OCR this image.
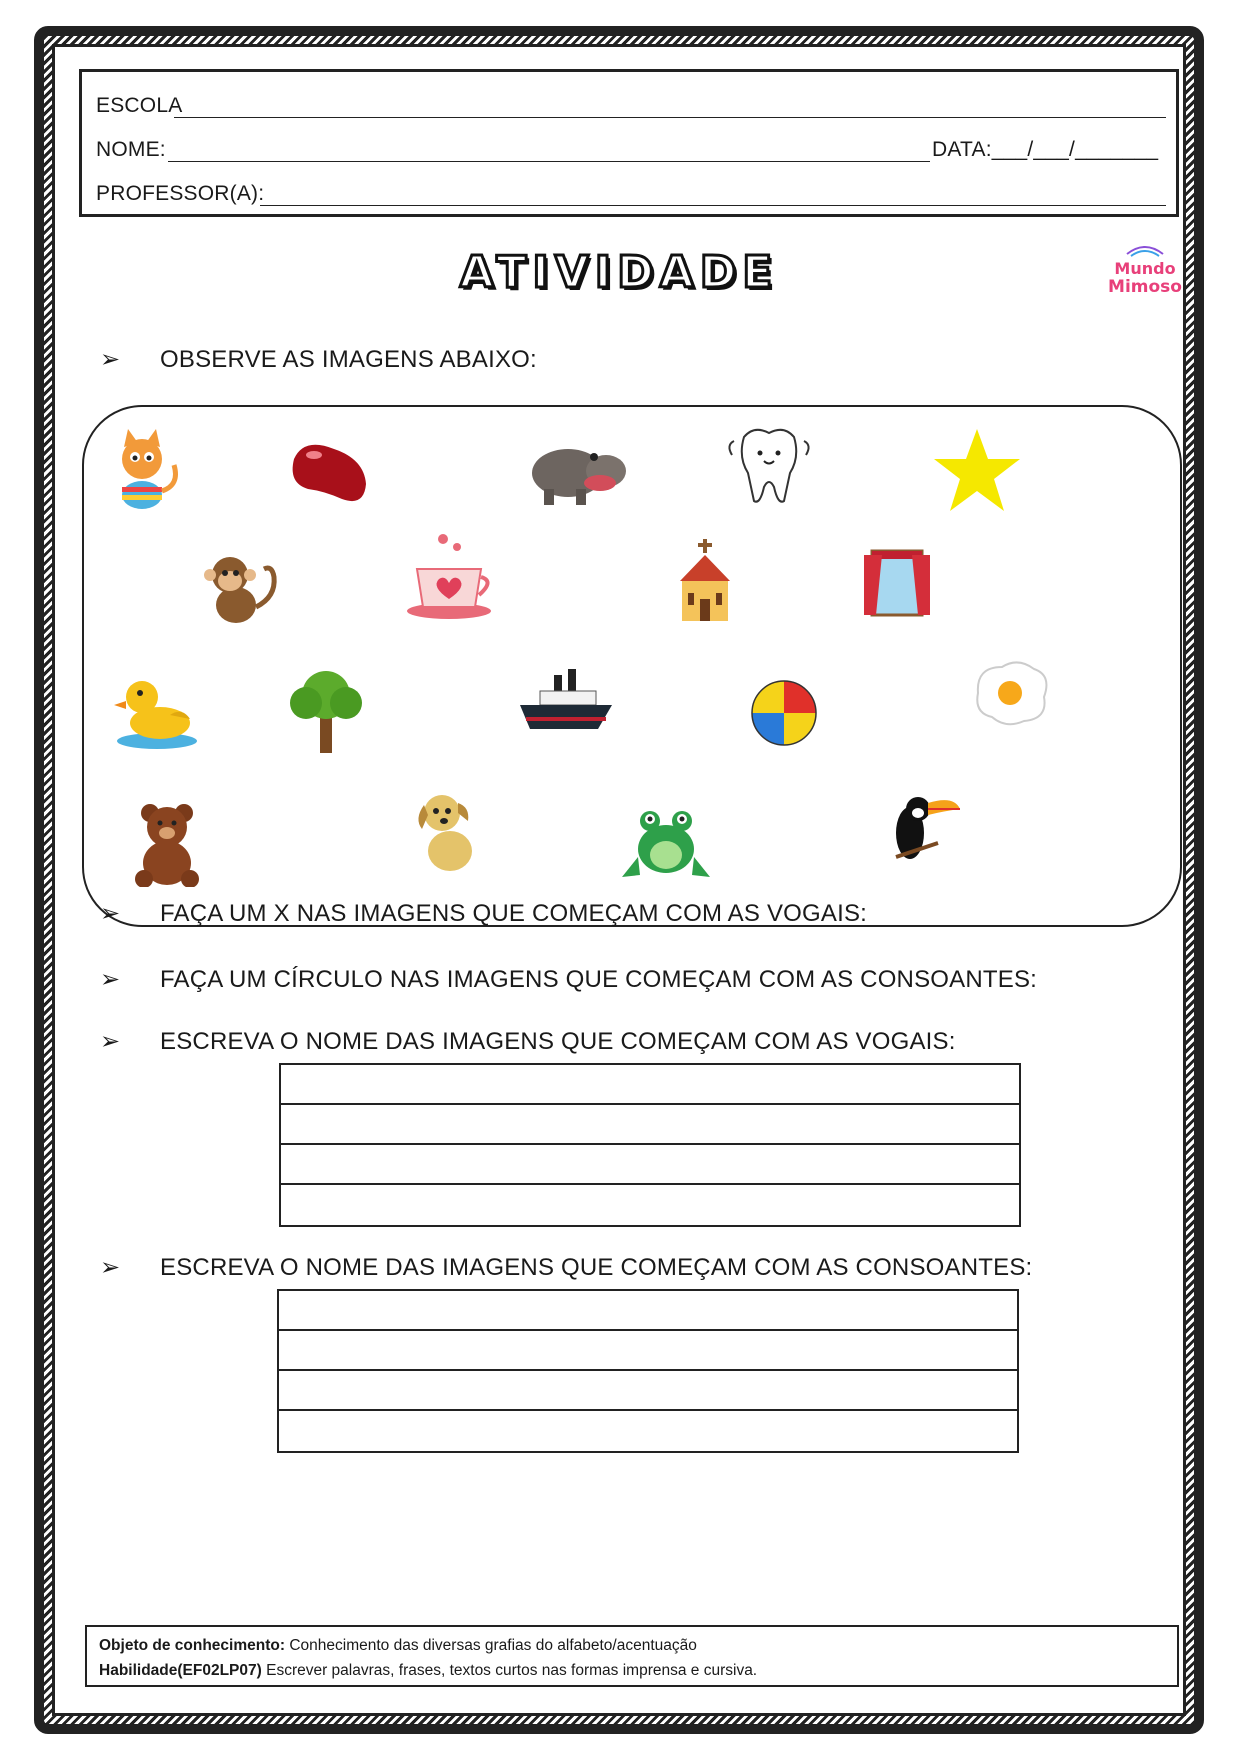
ESCOLA
NOME:	DATA:___/___/_______
PROFESSOR(A):
ATIVIDADE	Mundo
Mimoso
➢ OBSERVE AS IMAGENS ABAIXO:
➢ FAÇA UM X NAS IMAGENS QUE COMEÇAM COM AS VOGAIS:
➢ FAÇA UM CÍRCULO NAS IMAGENS QUE COMEÇAM COM AS CONSOANTES:
➢ ESCREVA O NOME DAS IMAGENS QUE COMEÇAM COM AS VOGAIS:
➢ ESCREVA O NOME DAS IMAGENS QUE COMEÇAM COM AS CONSOANTES:
Objeto de conhecimento: Conhecimento das diversas grafias do alfabeto/acentuação
Habilidade(EF02LP07) Escrever palavras, frases, textos curtos nas formas imprensa e cursiva.
